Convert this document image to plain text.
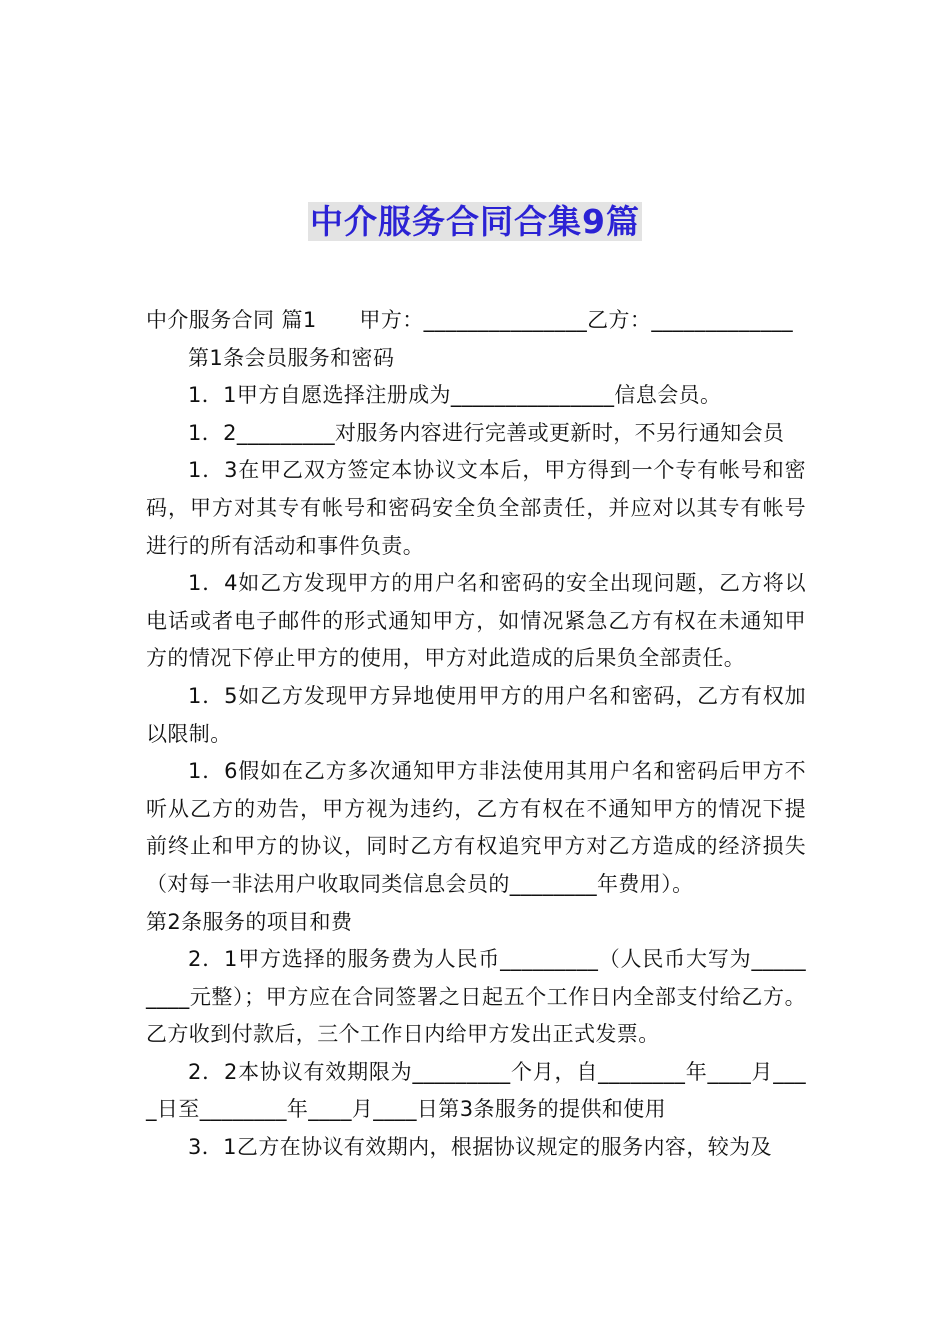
中介服务合同合集9篇

中介服务合同 篇1　　甲方：_______________乙方：_____________

第1条会员服务和密码

1．1甲方自愿选择注册成为_______________信息会员。

1．2_________对服务内容进行完善或更新时，不另行通知会员

1．3在甲乙双方签定本协议文本后，甲方得到一个专有帐号和密码，甲方对其专有帐号和密码安全负全部责任，并应对以其专有帐号进行的所有活动和事件负责。

1．4如乙方发现甲方的用户名和密码的安全出现问题，乙方将以电话或者电子邮件的形式通知甲方，如情况紧急乙方有权在未通知甲方的情况下停止甲方的使用，甲方对此造成的后果负全部责任。

1．5如乙方发现甲方异地使用甲方的用户名和密码，乙方有权加以限制。

1．6假如在乙方多次通知甲方非法使用其用户名和密码后甲方不听从乙方的劝告，甲方视为违约，乙方有权在不通知甲方的情况下提前终止和甲方的协议，同时乙方有权追究甲方对乙方造成的经济损失（对每一非法用户收取同类信息会员的________年费用）。

第2条服务的项目和费

2．1甲方选择的服务费为人民币_________（人民币大写为_________元整）；甲方应在合同签署之日起五个工作日内全部支付给乙方。乙方收到付款后，三个工作日内给甲方发出正式发票。

2．2本协议有效期限为_________个月，自________年____月____日至________年____月____日第3条服务的提供和使用

3．1乙方在协议有效期内，根据协议规定的服务内容，较为及
